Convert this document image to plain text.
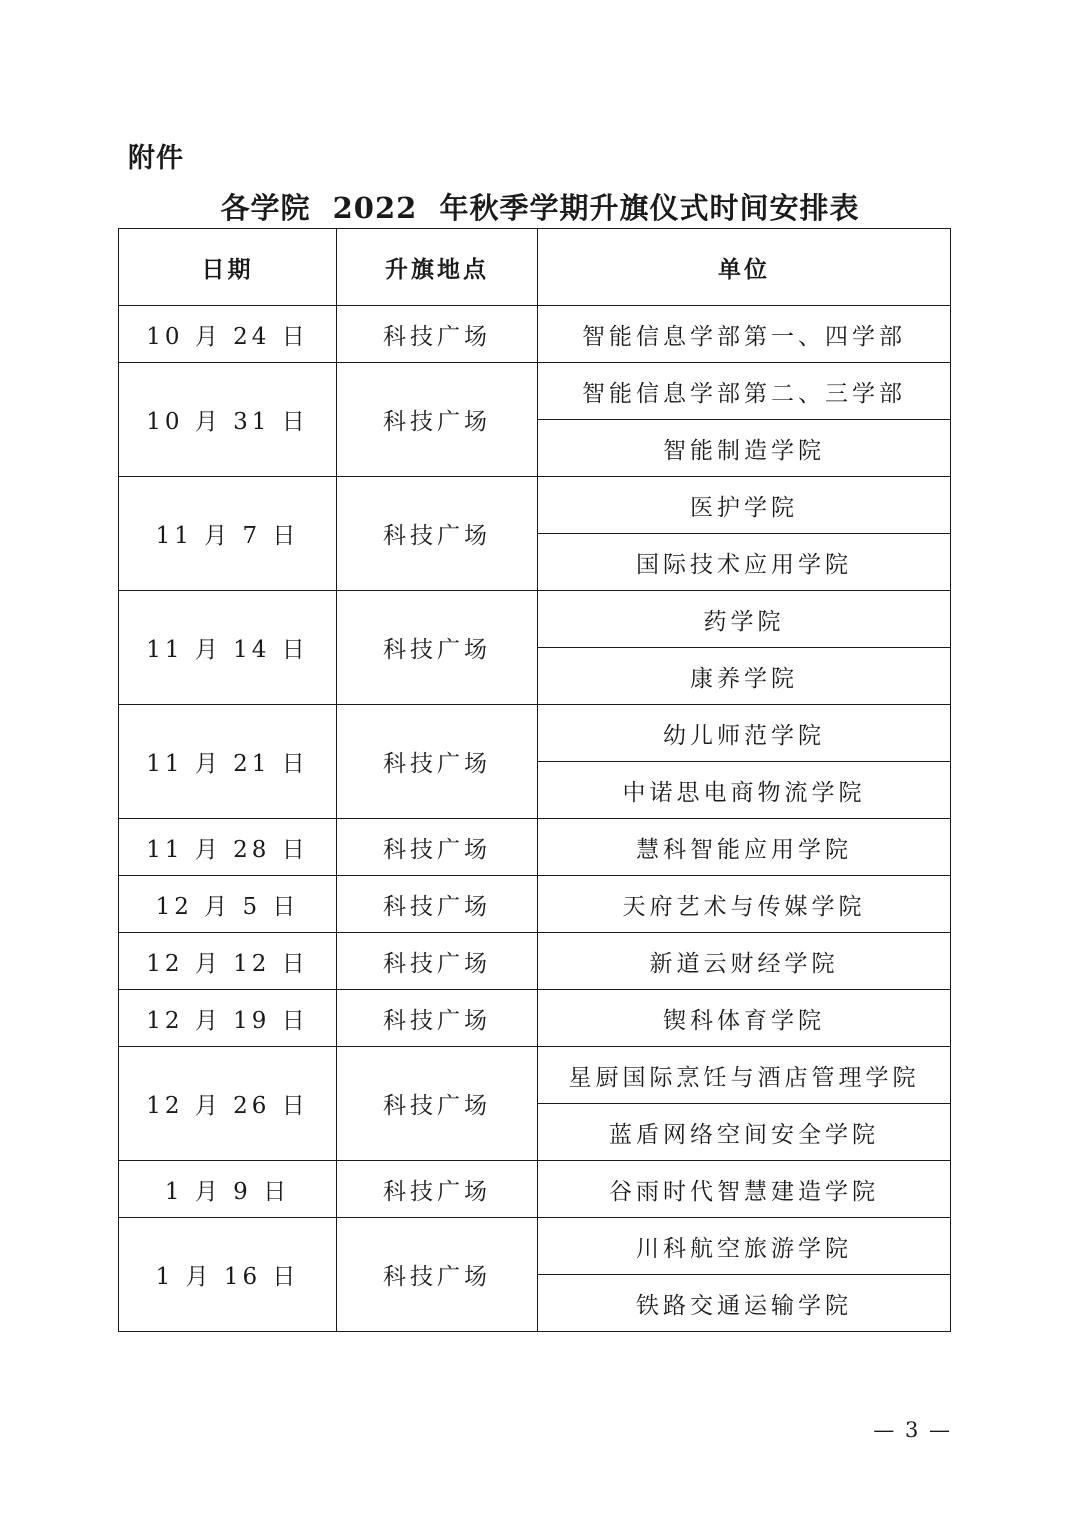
附件
各学院  2022  年秋季学期升旗仪式时间安排表
日期	升旗地点	单位
10 月 24 日	科技广场	智能信息学部第一、四学部
10 月 31 日	科技广场	智能信息学部第二、三学部
		智能制造学院
11 月 7 日	科技广场	医护学院
		国际技术应用学院
11 月 14 日	科技广场	药学院
		康养学院
11 月 21 日	科技广场	幼儿师范学院
		中诺思电商物流学院
11 月 28 日	科技广场	慧科智能应用学院
12 月 5 日	科技广场	天府艺术与传媒学院
12 月 12 日	科技广场	新道云财经学院
12 月 19 日	科技广场	锲科体育学院
12 月 26 日	科技广场	星厨国际烹饪与酒店管理学院
		蓝盾网络空间安全学院
1 月 9 日	科技广场	谷雨时代智慧建造学院
1 月 16 日	科技广场	川科航空旅游学院
		铁路交通运输学院
— 3 —
